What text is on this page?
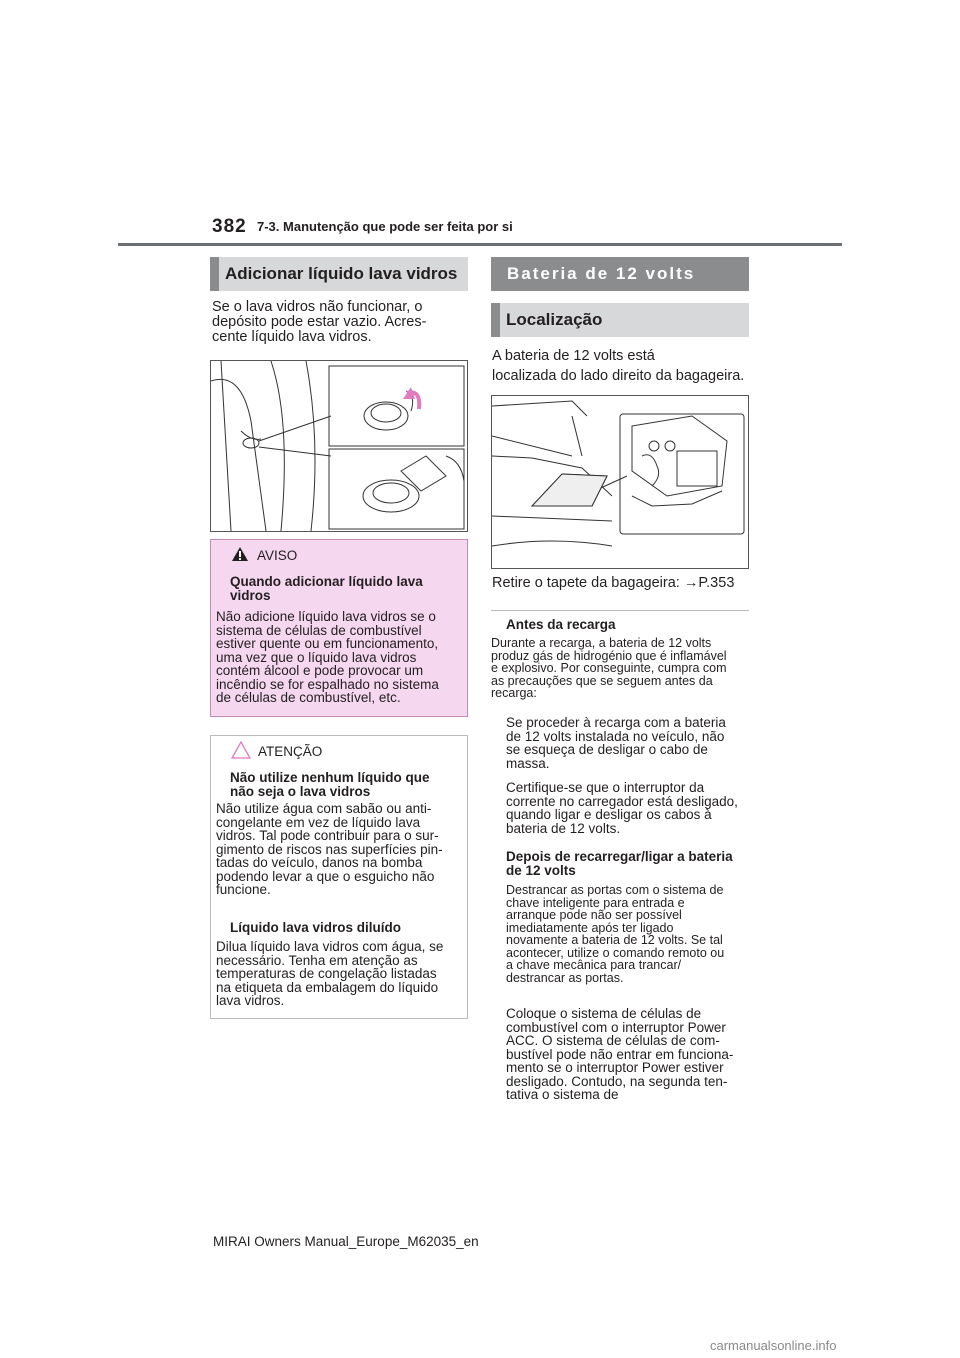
382 7-3. Manutenção que pode ser feita por si
Adicionar líquido lava vidros
Se o lava vidros não funcionar, o
depósito pode estar vazio. Acres-
cente líquido lava vidros.
AVISO
Quando adicionar líquido lava
vidros
Não adicione líquido lava vidros se o
sistema de células de combustível
estiver quente ou em funcionamento,
uma vez que o líquido lava vidros
contém álcool e pode provocar um
incêndio se for espalhado no sistema
de células de combustível, etc.
ATENÇÃO
Não utilize nenhum líquido que
não seja o lava vidros
Não utilize água com sabão ou anti-
congelante em vez de líquido lava
vidros. Tal pode contribuir para o sur-
gimento de riscos nas superfícies pin-
tadas do veículo, danos na bomba
podendo levar a que o esguicho não
funcione.
Líquido lava vidros diluído
Dilua líquido lava vidros com água, se
necessário. Tenha em atenção as
temperaturas de congelação listadas
na etiqueta da embalagem do líquido
lava vidros.
Bateria de 12 volts
Localização
A bateria de 12 volts está
localizada do lado direito da bagageira.
Retire o tapete da bagageira: →P.353
Antes da recarga
Durante a recarga, a bateria de 12 volts
produz gás de hidrogénio que é inflamável
e explosivo. Por conseguinte, cumpra com
as precauções que se seguem antes da
recarga:
Se proceder à recarga com a bateria
de 12 volts instalada no veículo, não
se esqueça de desligar o cabo de
massa.
Certifique-se que o interruptor da
corrente no carregador está desligado,
quando ligar e desligar os cabos à
bateria de 12 volts.
Depois de recarregar/ligar a bateria
de 12 volts
Destrancar as portas com o sistema de
chave inteligente para entrada e
arranque pode não ser possível
imediatamente após ter ligado
novamente a bateria de 12 volts. Se tal
acontecer, utilize o comando remoto ou
a chave mecânica para trancar/
destrancar as portas.
Coloque o sistema de células de
combustível com o interruptor Power
ACC. O sistema de células de com-
bustível pode não entrar em funciona-
mento se o interruptor Power estiver
desligado. Contudo, na segunda ten-
tativa o sistema de
MIRAI Owners Manual_Europe_M62035_en
carmanualsonline.info
